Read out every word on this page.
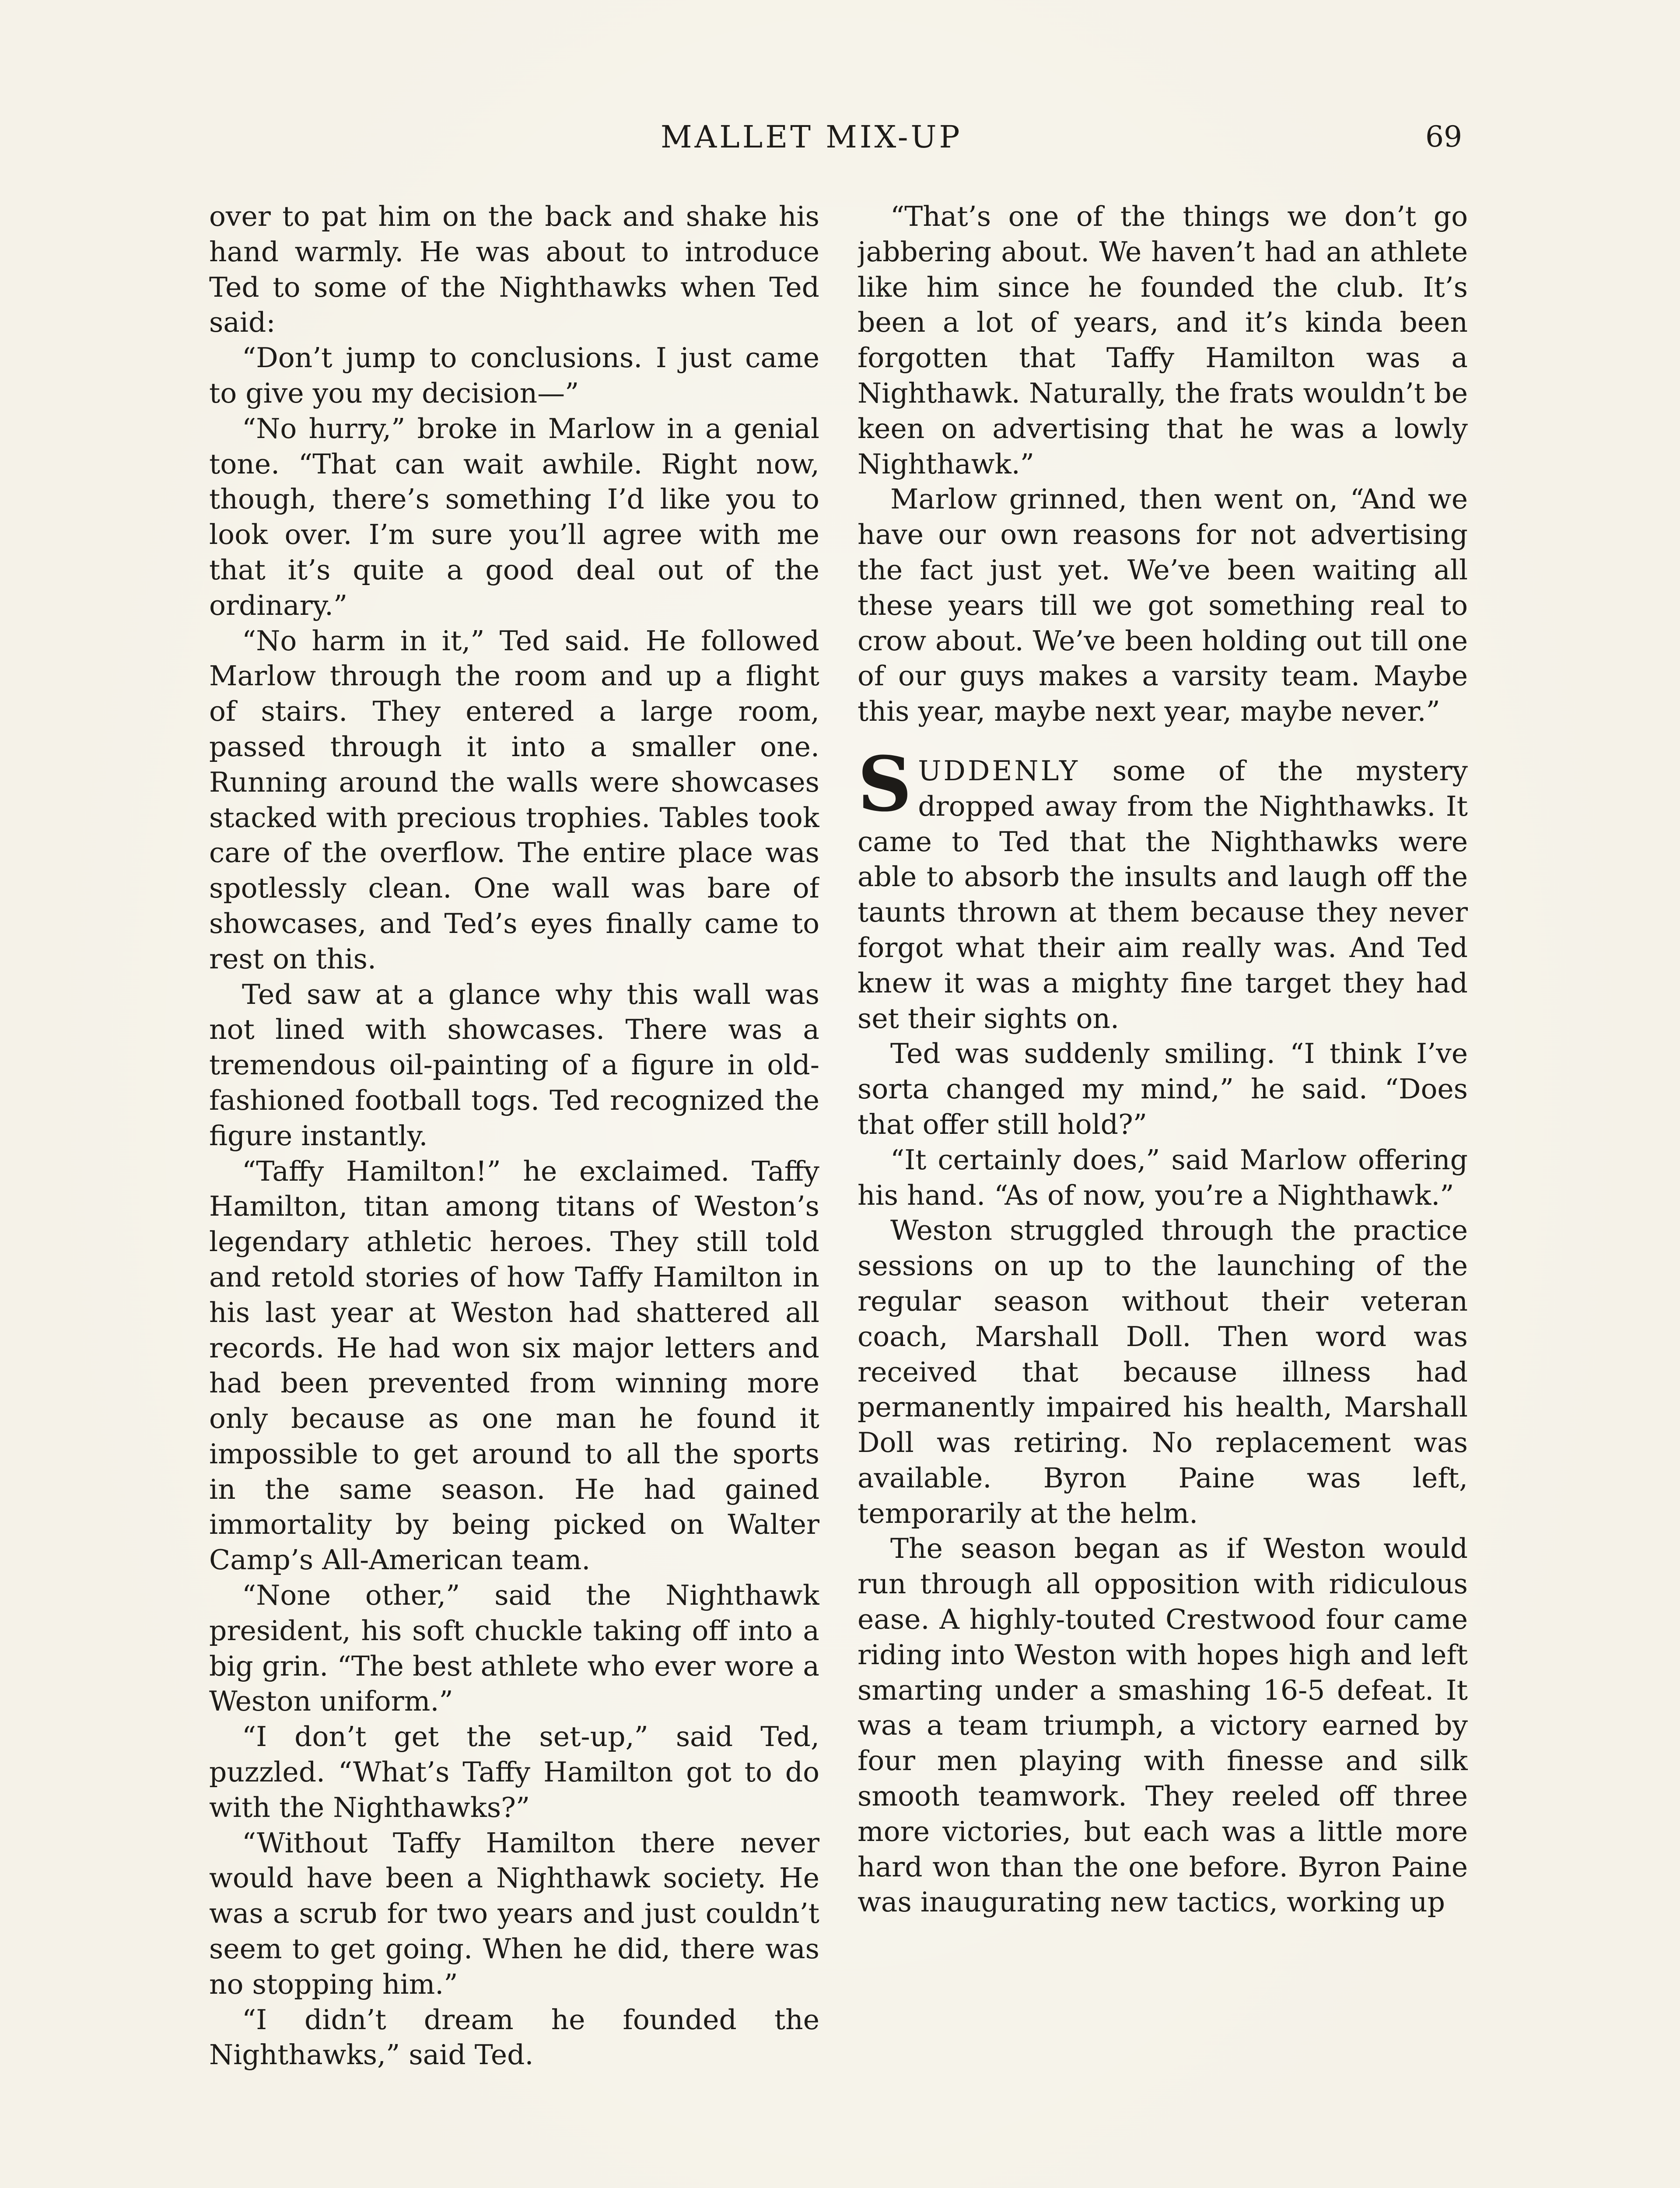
MALLET MIX-UP	69

over to pat him on the back and shake his hand warmly. He was about to introduce Ted to some of the Nighthawks when Ted said:

“Don’t jump to conclusions. I just came to give you my decision—”

“No hurry,” broke in Marlow in a genial tone. “That can wait awhile. Right now, though, there’s something I’d like you to look over. I’m sure you’ll agree with me that it’s quite a good deal out of the ordinary.”

“No harm in it,” Ted said. He followed Marlow through the room and up a flight of stairs. They entered a large room, passed through it into a smaller one. Running around the walls were showcases stacked with precious trophies. Tables took care of the overflow. The entire place was spotlessly clean. One wall was bare of showcases, and Ted’s eyes finally came to rest on this.

Ted saw at a glance why this wall was not lined with showcases. There was a tremendous oil-painting of a figure in old-fashioned football togs. Ted recognized the figure instantly.

“Taffy Hamilton!” he exclaimed. Taffy Hamilton, titan among titans of Weston’s legendary athletic heroes. They still told and retold stories of how Taffy Hamilton in his last year at Weston had shattered all records. He had won six major letters and had been prevented from winning more only because as one man he found it impossible to get around to all the sports in the same season. He had gained immortality by being picked on Walter Camp’s All-American team.

“None other,” said the Nighthawk president, his soft chuckle taking off into a big grin. “The best athlete who ever wore a Weston uniform.”

“I don’t get the set-up,” said Ted, puzzled. “What’s Taffy Hamilton got to do with the Nighthawks?”

“Without Taffy Hamilton there never would have been a Nighthawk society. He was a scrub for two years and just couldn’t seem to get going. When he did, there was no stopping him.”

“I didn’t dream he founded the Nighthawks,” said Ted.

“That’s one of the things we don’t go jabbering about. We haven’t had an athlete like him since he founded the club. It’s been a lot of years, and it’s kinda been forgotten that Taffy Hamilton was a Nighthawk. Naturally, the frats wouldn’t be keen on advertising that he was a lowly Nighthawk.”

Marlow grinned, then went on, “And we have our own reasons for not advertising the fact just yet. We’ve been waiting all these years till we got something real to crow about. We’ve been holding out till one of our guys makes a varsity team. Maybe this year, maybe next year, maybe never.”

SUDDENLY some of the mystery dropped away from the Nighthawks. It came to Ted that the Nighthawks were able to absorb the insults and laugh off the taunts thrown at them because they never forgot what their aim really was. And Ted knew it was a mighty fine target they had set their sights on.

Ted was suddenly smiling. “I think I’ve sorta changed my mind,” he said. “Does that offer still hold?”

“It certainly does,” said Marlow offering his hand. “As of now, you’re a Nighthawk.”

Weston struggled through the practice sessions on up to the launching of the regular season without their veteran coach, Marshall Doll. Then word was received that because illness had permanently impaired his health, Marshall Doll was retiring. No replacement was available. Byron Paine was left, temporarily at the helm.

The season began as if Weston would run through all opposition with ridiculous ease. A highly-touted Crestwood four came riding into Weston with hopes high and left smarting under a smashing 16-5 defeat. It was a team triumph, a victory earned by four men playing with finesse and silk smooth teamwork. They reeled off three more victories, but each was a little more hard won than the one before. Byron Paine was inaugurating new tactics, working up
